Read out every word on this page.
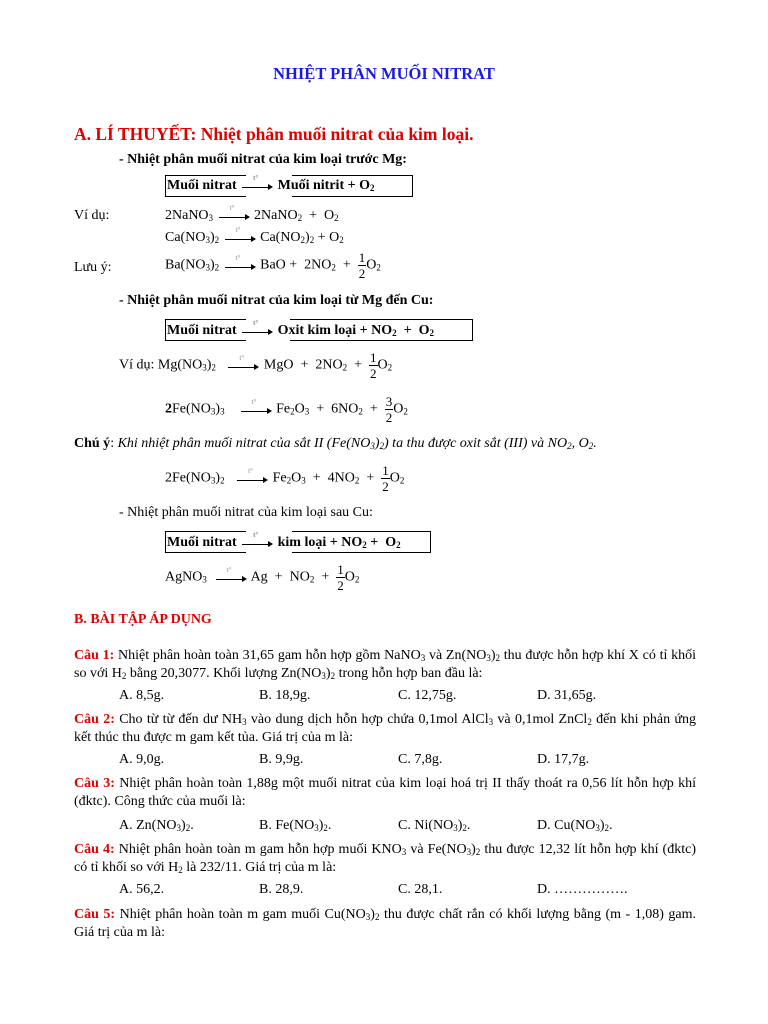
NHIỆT PHÂN MUỐI NITRAT
A. LÍ THUYẾT: Nhiệt phân muối nitrat của kim loại.
- Nhiệt phân muối nitrat của kim loại trước Mg:
Muối nitrat
t°
Muối nitrit + $O_2$
Ví dụ:	2NaNO$_3$
t°
2NaNO$_2$  +  $O_2$
$Ca(NO_3)_2$
t°
$Ca(NO_2)_2 + O_2$
Lưu ý:	$Ba(NO_3)_2$
t°
BaO +  $2NO_2 + \frac{1}{2} O_2$
- Nhiệt phân muối nitrat của kim loại từ Mg đến Cu:
Muối nitrat
t°
Oxit kim loại + $NO_2 + O_2$
Ví dụ: $Mg(NO_3)_2$
t°
MgO  +  $2NO_2 + \frac{1}{2} O_2$
$2Fe(NO_3)_3$
t°
$Fe_2O_3 + 6NO_2 + \frac{3}{2} O_2$
Chú ý: Khi nhiệt phân muối nitrat của sắt II $(Fe(NO_3)_2)$ ta thu được oxit sắt (III) và $NO_2$, $O_2$.
$2Fe(NO_3)_2$
t°
$Fe_2O_3 + 4NO_2 + \frac{1}{2} O_2$
- Nhiệt phân muối nitrat của kim loại sau Cu:
Muối nitrat
t°
kim loại + $NO_2 + O_2$
AgNO$_3$
t°
$Ag + NO_2 + \frac{1}{2} O_2$
B. BÀI TẬP ÁP DỤNG
Câu 1: Nhiệt phân hoàn toàn 31,65 gam hỗn hợp gồm NaNO$_3$ và $Zn(NO_3)_2$ thu được hỗn hợp khí X có tỉ khối so với $H_2$ bằng 20,3077. Khối lượng $Zn(NO_3)_2$ trong hỗn hợp ban đầu là:
A. 8,5g.	B. 18,9g.	C. 12,75g.	D. 31,65g.
Câu 2: Cho từ từ đến dư $NH_3$ vào dung dịch hỗn hợp chứa 0,1mol AlCl$_3$ và 0,1mol ZnCl$_2$ đến khi phản ứng kết thúc thu được m gam kết tủa. Giá trị của m là:
A. 9,0g.	B. 9,9g.	C. 7,8g.	D. 17,7g.
Câu 3: Nhiệt phân hoàn toàn 1,88g một muối nitrat của kim loại hoá trị II thấy thoát ra 0,56 lít hỗn hợp khí (đktc). Công thức của muối là:
A. $Zn(NO_3)_2$.	B. $Fe(NO_3)_2$.	C. $Ni(NO_3)_2$.	D. $Cu(NO_3)_2$.
Câu 4: Nhiệt phân hoàn toàn m gam hỗn hợp muối $KNO_3$ và $Fe(NO_3)_2$ thu được 12,32 lít hỗn hợp khí (đktc) có tỉ khối so với $H_2$ là 232/11. Giá trị của m là:
A. 56,2.	B. 28,9.	C. 28,1.	D. …………….
Câu 5: Nhiệt phân hoàn toàn m gam muối $Cu(NO_3)_2$ thu được chất rắn có khối lượng bằng (m - 1,08) gam. Giá trị của m là:
